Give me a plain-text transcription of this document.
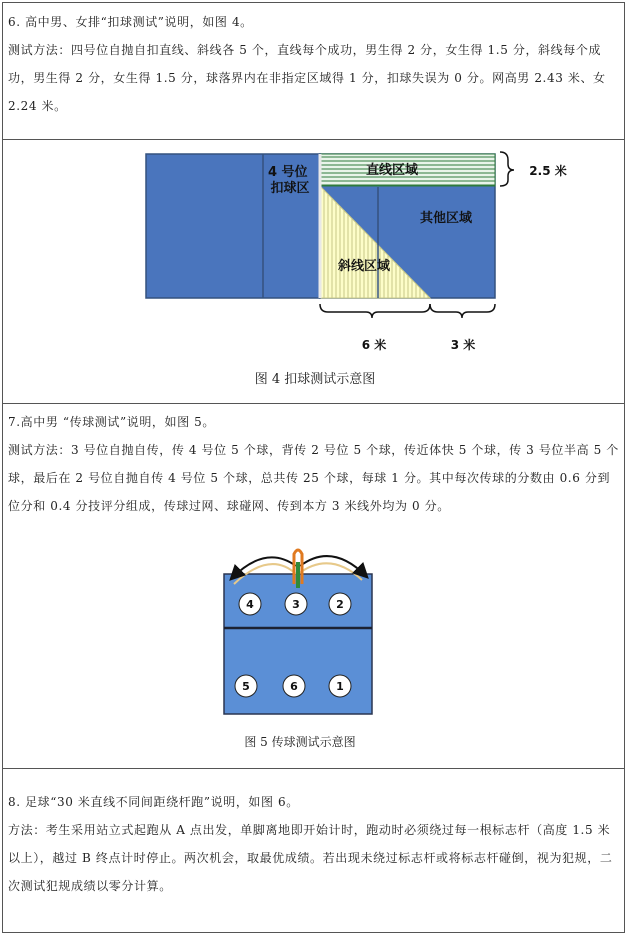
6. 高中男、女排“扣球测试”说明，如图 4。
测试方法：四号位自抛自扣直线、斜线各 5 个，直线每个成功，男生得 2 分，女生得 1.5 分，斜线每个成功，男生得 2 分，女生得 1.5 分，球落界内在非指定区域得 1 分，扣球失误为 0 分。网高男 2.43 米、女 2.24 米。
4 号位 扣球区
直线区域
其他区域
斜线区域
2.5 米
6 米	3 米
图 4 扣球测试示意图
7.高中男 “传球测试”说明，如图 5。
测试方法：3 号位自抛自传，传 4 号位 5 个球，背传 2 号位 5 个球，传近体快 5 个球，传 3 号位半高 5 个球，最后在 2 号位自抛自传 4 号位 5 个球，总共传 25 个球，每球 1 分。其中每次传球的分数由 0.6 分到位分和 0.4 分技评分组成，传球过网、球碰网、传到本方 3 米线外均为 0 分。
4	3	2
5	6	1
图 5 传球测试示意图
8. 足球“30 米直线不同间距绕杆跑”说明，如图 6。
方法：考生采用站立式起跑从 A 点出发，单脚离地即开始计时，跑动时必须绕过每一根标志杆（高度 1.5 米以上），越过 B 终点计时停止。两次机会，取最优成绩。若出现未绕过标志杆或将标志杆碰倒，视为犯规，二次测试犯规成绩以零分计算。
